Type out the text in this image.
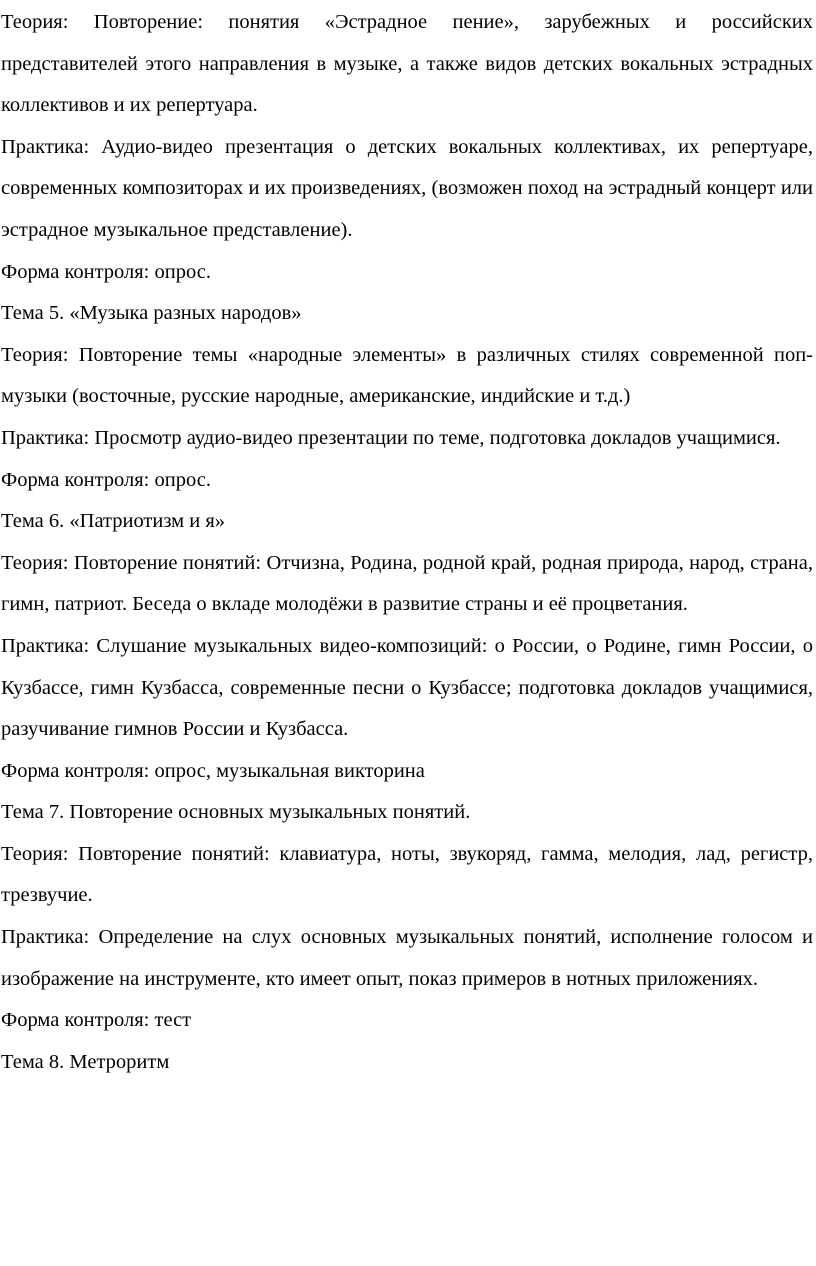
Теория: Повторение: понятия «Эстрадное пение», зарубежных и российских представителей этого направления в музыке, а также видов детских вокальных эстрадных коллективов и их репертуара.

Практика: Аудио-видео презентация о детских вокальных коллективах, их репертуаре, современных композиторах и их произведениях, (возможен поход на эстрадный концерт или эстрадное музыкальное представление).

Форма контроля: опрос.

Тема 5. «Музыка разных народов»

Теория: Повторение темы «народные элементы» в различных стилях современной поп-музыки (восточные, русские народные, американские, индийские и т.д.)

Практика: Просмотр аудио-видео презентации по теме, подготовка докладов учащимися.

Форма контроля: опрос.

Тема 6. «Патриотизм и я»

Теория: Повторение понятий: Отчизна, Родина, родной край, родная природа, народ, страна, гимн, патриот. Беседа о вкладе молодёжи в развитие страны и её процветания.

Практика: Слушание музыкальных видео-композиций: о России, о Родине, гимн России, о Кузбассе, гимн Кузбасса, современные песни о Кузбассе; подготовка докладов учащимися, разучивание гимнов России и Кузбасса.

Форма контроля: опрос, музыкальная викторина

Тема 7. Повторение основных музыкальных понятий.

Теория: Повторение понятий: клавиатура, ноты, звукоряд, гамма, мелодия, лад, регистр, трезвучие.

Практика: Определение на слух основных музыкальных понятий, исполнение голосом и изображение на инструменте, кто имеет опыт, показ примеров в нотных приложениях.

Форма контроля: тест

Тема 8. Метроритм
